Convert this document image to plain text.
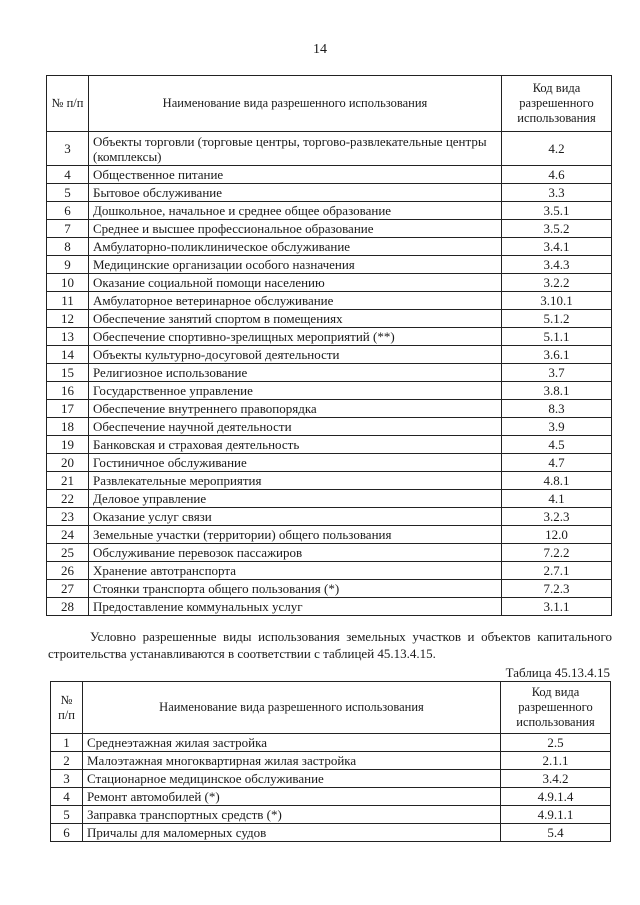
14
№ п/п	Наименование вида разрешенного использования	Код вида разрешенного использования
3	Объекты торговли (торговые центры, торгово-развлекательные центры (комплексы)	4.2
4	Общественное питание	4.6
5	Бытовое обслуживание	3.3
6	Дошкольное, начальное и среднее общее образование	3.5.1
7	Среднее и высшее профессиональное образование	3.5.2
8	Амбулаторно-поликлиническое обслуживание	3.4.1
9	Медицинские организации особого назначения	3.4.3
10	Оказание социальной помощи населению	3.2.2
11	Амбулаторное ветеринарное обслуживание	3.10.1
12	Обеспечение занятий спортом в помещениях	5.1.2
13	Обеспечение спортивно-зрелищных мероприятий (**)	5.1.1
14	Объекты культурно-досуговой деятельности	3.6.1
15	Религиозное использование	3.7
16	Государственное управление	3.8.1
17	Обеспечение внутреннего правопорядка	8.3
18	Обеспечение научной деятельности	3.9
19	Банковская и страховая деятельность	4.5
20	Гостиничное обслуживание	4.7
21	Развлекательные мероприятия	4.8.1
22	Деловое управление	4.1
23	Оказание услуг связи	3.2.3
24	Земельные участки (территории) общего пользования	12.0
25	Обслуживание перевозок пассажиров	7.2.2
26	Хранение автотранспорта	2.7.1
27	Стоянки транспорта общего пользования (*)	7.2.3
28	Предоставление коммунальных услуг	3.1.1
Условно разрешенные виды использования земельных участков и объектов капитального строительства устанавливаются в соответствии с таблицей 45.13.4.15.
Таблица 45.13.4.15
№ п/п	Наименование вида разрешенного использования	Код вида разрешенного использования
1	Среднеэтажная жилая застройка	2.5
2	Малоэтажная многоквартирная жилая застройка	2.1.1
3	Стационарное медицинское обслуживание	3.4.2
4	Ремонт автомобилей (*)	4.9.1.4
5	Заправка транспортных средств (*)	4.9.1.1
6	Причалы для маломерных судов	5.4
